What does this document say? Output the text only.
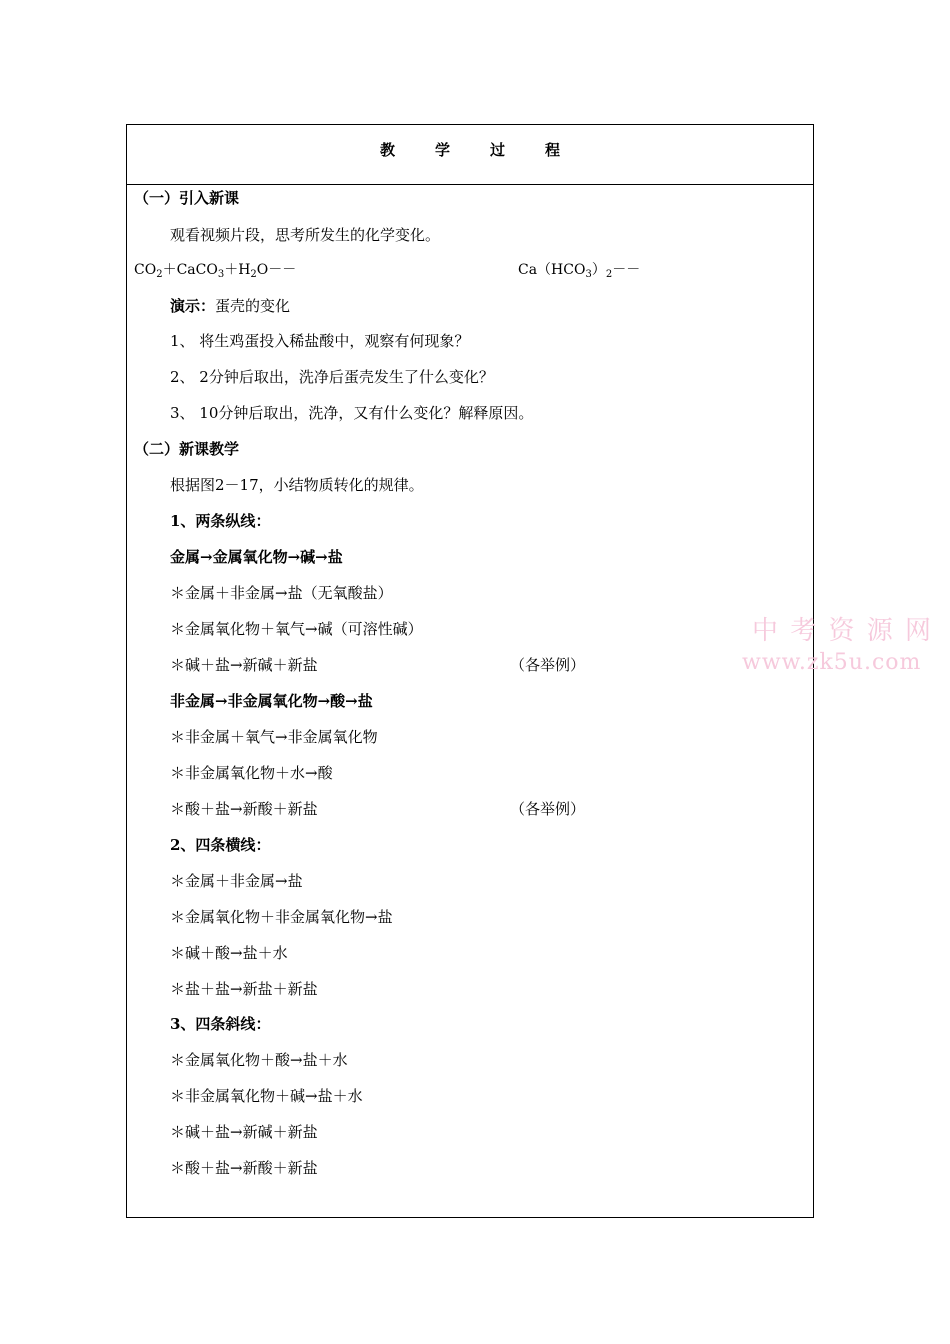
教	学	过	程
（一）引入新课
观看视频片段，思考所发生的化学变化。
$CO_2+CaCO_3+H_2O--$	$Ca(HCO_3)_2--$
演示：蛋壳的变化
1、 将生鸡蛋投入稀盐酸中，观察有何现象？
2、 2分钟后取出，洗净后蛋壳发生了什么变化？
3、 10分钟后取出，洗净，又有什么变化？解释原因。
（二）新课教学
根据图2－17，小结物质转化的规律。
1、两条纵线：
金属→金属氧化物→碱→盐
＊金属＋非金属→盐（无氧酸盐）
＊金属氧化物＋氧气→碱（可溶性碱）
＊碱＋盐→新碱＋新盐	（各举例）
非金属→非金属氧化物→酸→盐
＊非金属＋氧气→非金属氧化物
＊非金属氧化物＋水→酸
＊酸＋盐→新酸＋新盐	（各举例）
2、四条横线：
＊金属＋非金属→盐
＊金属氧化物＋非金属氧化物→盐
＊碱＋酸→盐＋水
＊盐＋盐→新盐＋新盐
3、四条斜线：
＊金属氧化物＋酸→盐＋水
＊非金属氧化物＋碱→盐＋水
＊碱＋盐→新碱＋新盐
＊酸＋盐→新酸＋新盐
中 考 资 源 网
www.zk5u.com
